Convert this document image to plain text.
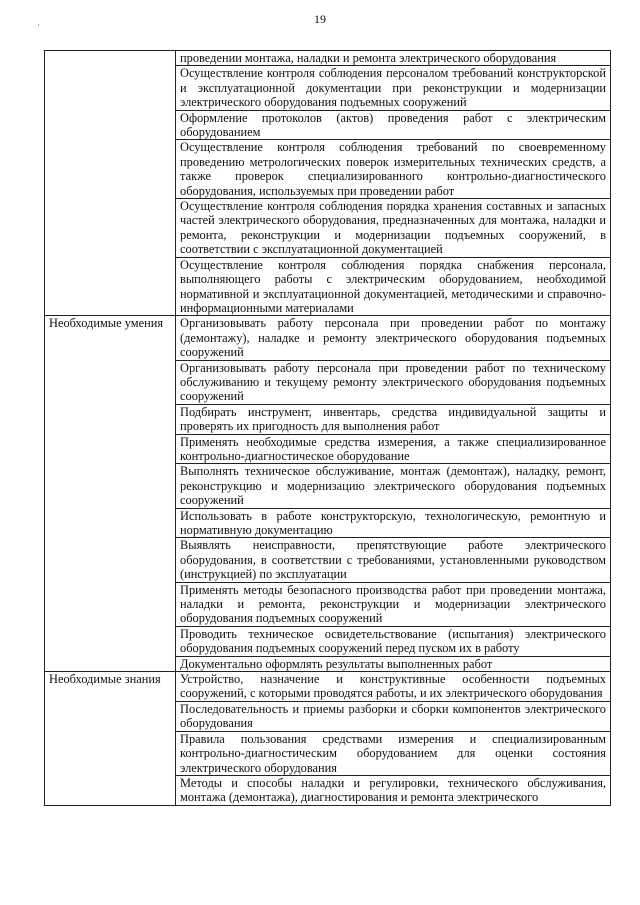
19
·
	проведении монтажа, наладки и ремонта электрического оборудования
	Осуществление контроля соблюдения персоналом требований конструкторской и эксплуатационной документации при реконструкции и модернизации электрического оборудования подъемных сооружений
	Оформление протоколов (актов) проведения работ с электрическим оборудованием
	Осуществление контроля соблюдения требований по своевременному проведению метрологических поверок измерительных технических средств, а также проверок специализированного контрольно-диагностического оборудования, используемых при проведении работ
	Осуществление контроля соблюдения порядка хранения составных и запасных частей электрического оборудования, предназначенных для монтажа, наладки и ремонта, реконструкции и модернизации подъемных сооружений, в соответствии с эксплуатационной документацией
	Осуществление контроля соблюдения порядка снабжения персонала, выполняющего работы с электрическим оборудованием, необходимой нормативной и эксплуатационной документацией, методическими и справочно-информационными материалами
Необходимые умения	Организовывать работу персонала при проведении работ по монтажу (демонтажу), наладке и ремонту электрического оборудования подъемных сооружений
	Организовывать работу персонала при проведении работ по техническому обслуживанию и текущему ремонту электрического оборудования подъемных сооружений
	Подбирать инструмент, инвентарь, средства индивидуальной защиты и проверять их пригодность для выполнения работ
	Применять необходимые средства измерения, а также специализированное контрольно-диагностическое оборудование
	Выполнять техническое обслуживание, монтаж (демонтаж), наладку, ремонт, реконструкцию и модернизацию электрического оборудования подъемных сооружений
	Использовать в работе конструкторскую, технологическую, ремонтную и нормативную документацию
	Выявлять неисправности, препятствующие работе электрического оборудования, в соответствии с требованиями, установленными руководством (инструкцией) по эксплуатации
	Применять методы безопасного производства работ при проведении монтажа, наладки и ремонта, реконструкции и модернизации электрического оборудования подъемных сооружений
	Проводить техническое освидетельствование (испытания) электрического оборудования подъемных сооружений перед пуском их в работу
	Документально оформлять результаты выполненных работ
Необходимые знания	Устройство, назначение и конструктивные особенности подъемных сооружений, с которыми проводятся работы, и их электрического оборудования
	Последовательность и приемы разборки и сборки компонентов электрического оборудования
	Правила пользования средствами измерения и специализированным контрольно-диагностическим оборудованием для оценки состояния электрического оборудования
	Методы и способы наладки и регулировки, технического обслуживания, монтажа (демонтажа), диагностирования и ремонта электрического
